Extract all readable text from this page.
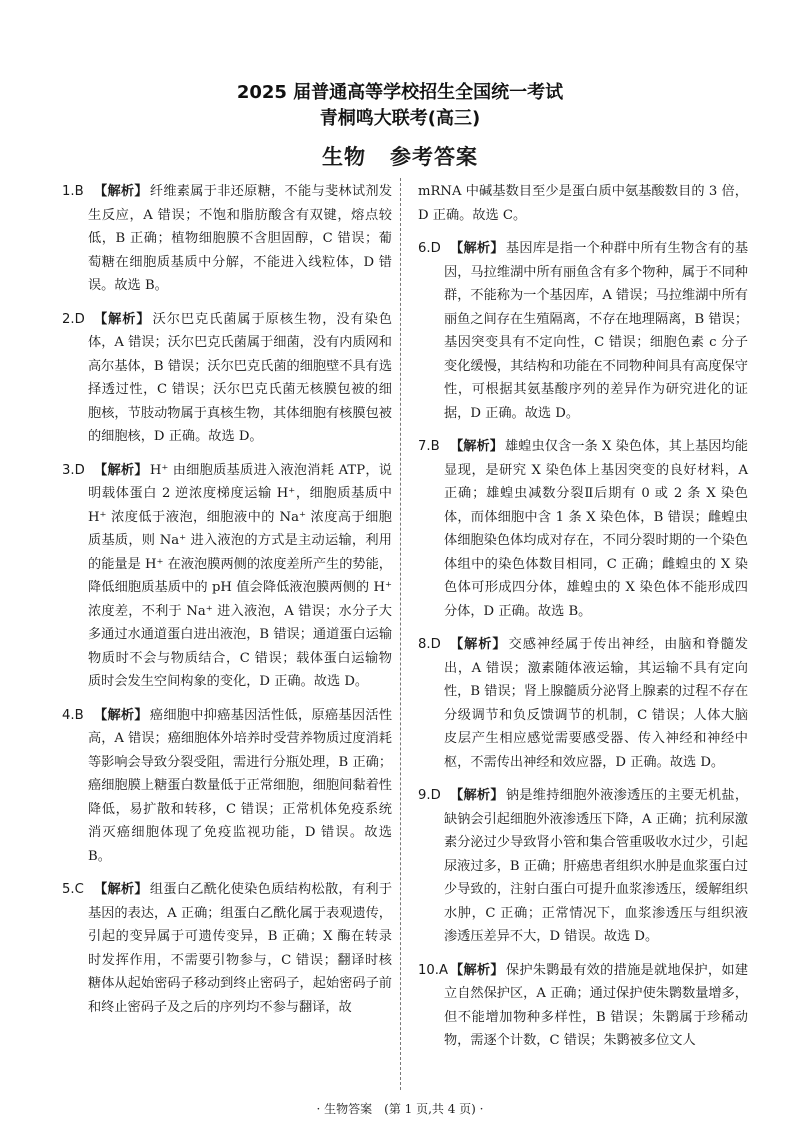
2025 届普通高等学校招生全国统一考试
青桐鸣大联考(高三)
生物 参考答案
1.B 【解析】 纤维素属于非还原糖，不能与斐林试剂发生反应，A 错误；不饱和脂肪酸含有双键，熔点较低，B 正确；植物细胞膜不含胆固醇，C 错误；葡萄糖在细胞质基质中分解，不能进入线粒体，D 错误。故选 B。
2.D 【解析】 沃尔巴克氏菌属于原核生物，没有染色体，A 错误；沃尔巴克氏菌属于细菌，没有内质网和高尔基体，B 错误；沃尔巴克氏菌的细胞壁不具有选择透过性，C 错误；沃尔巴克氏菌无核膜包被的细胞核，节肢动物属于真核生物，其体细胞有核膜包被的细胞核，D 正确。故选 D。
3.D 【解析】 H⁺ 由细胞质基质进入液泡消耗 ATP，说明载体蛋白 2 逆浓度梯度运输 H⁺，细胞质基质中 H⁺ 浓度低于液泡，细胞液中的 Na⁺ 浓度高于细胞质基质，则 Na⁺ 进入液泡的方式是主动运输，利用的能量是 H⁺ 在液泡膜两侧的浓度差所产生的势能，降低细胞质基质中的 pH 值会降低液泡膜两侧的 H⁺ 浓度差，不利于 Na⁺ 进入液泡，A 错误；水分子大多通过水通道蛋白进出液泡，B 错误；通道蛋白运输物质时不会与物质结合，C 错误；载体蛋白运输物质时会发生空间构象的变化，D 正确。故选 D。
4.B 【解析】 癌细胞中抑癌基因活性低，原癌基因活性高，A 错误；癌细胞体外培养时受营养物质过度消耗等影响会导致分裂受阻，需进行分瓶处理，B 正确；癌细胞膜上糖蛋白数量低于正常细胞，细胞间黏着性降低，易扩散和转移，C 错误；正常机体免疫系统消灭癌细胞体现了免疫监视功能，D 错误。故选 B。
5.C 【解析】 组蛋白乙酰化使染色质结构松散，有利于基因的表达，A 正确；组蛋白乙酰化属于表观遗传，引起的变异属于可遗传变异，B 正确；X 酶在转录时发挥作用，不需要引物参与，C 错误；翻译时核糖体从起始密码子移动到终止密码子，起始密码子前和终止密码子及之后的序列均不参与翻译，故
mRNA 中碱基数目至少是蛋白质中氨基酸数目的 3 倍，D 正确。故选 C。
6.D 【解析】 基因库是指一个种群中所有生物含有的基因，马拉维湖中所有丽鱼含有多个物种，属于不同种群，不能称为一个基因库，A 错误；马拉维湖中所有丽鱼之间存在生殖隔离，不存在地理隔离，B 错误；基因突变具有不定向性，C 错误；细胞色素 c 分子变化缓慢，其结构和功能在不同物种间具有高度保守性，可根据其氨基酸序列的差异作为研究进化的证据，D 正确。故选 D。
7.B 【解析】 雄蝗虫仅含一条 X 染色体，其上基因均能显现，是研究 X 染色体上基因突变的良好材料，A 正确；雄蝗虫减数分裂Ⅱ后期有 0 或 2 条 X 染色体，而体细胞中含 1 条 X 染色体，B 错误；雌蝗虫体细胞染色体均成对存在，不同分裂时期的一个染色体组中的染色体数目相同，C 正确；雌蝗虫的 X 染色体可形成四分体，雄蝗虫的 X 染色体不能形成四分体，D 正确。故选 B。
8.D 【解析】 交感神经属于传出神经，由脑和脊髓发出，A 错误；激素随体液运输，其运输不具有定向性，B 错误；肾上腺髓质分泌肾上腺素的过程不存在分级调节和负反馈调节的机制，C 错误；人体大脑皮层产生相应感觉需要感受器、传入神经和神经中枢，不需传出神经和效应器，D 正确。故选 D。
9.D 【解析】 钠是维持细胞外液渗透压的主要无机盐，缺钠会引起细胞外液渗透压下降，A 正确；抗利尿激素分泌过少导致肾小管和集合管重吸收水过少，引起尿液过多，B 正确；肝癌患者组织水肿是血浆蛋白过少导致的，注射白蛋白可提升血浆渗透压，缓解组织水肿，C 正确；正常情况下，血浆渗透压与组织液渗透压差异不大，D 错误。故选 D。
10.A 【解析】 保护朱鹮最有效的措施是就地保护，如建立自然保护区，A 正确；通过保护使朱鹮数量增多，但不能增加物种多样性，B 错误；朱鹮属于珍稀动物，需逐个计数，C 错误；朱鹮被多位文人
· 生物答案　(第 1 页,共 4 页) ·
